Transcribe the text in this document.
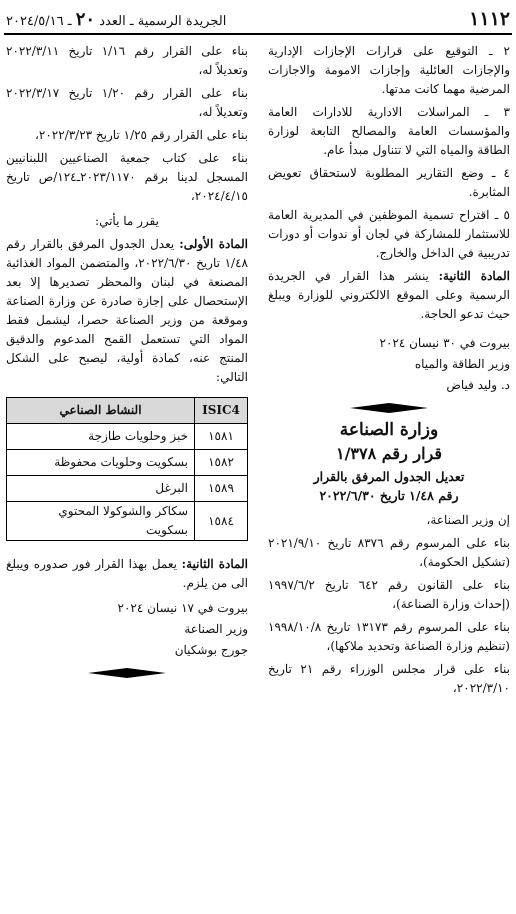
١١١٢
الجريدة الرسمية ـ العدد ٢٠ ـ ٢٠٢٤/٥/١٦

٢ ـ التوقيع على قرارات الإجازات الإدارية والإجازات العائلية وإجازات الامومة والاجازات المرضية مهما كانت مدتها.

٣ ـ المراسلات الادارية للادارات العامة والمؤسسات العامة والمصالح التابعة لوزارة الطاقة والمياه التي لا تتناول مبدأ عام.

٤ ـ وضع التقارير المطلوبة لاستحقاق تعويض المثابرة.

٥ ـ اقتراح تسمية الموظفين في المديرية العامة للاستثمار للمشاركة في لجان أو ندوات أو دورات تدريبية في الداخل والخارج.

المادة الثانية: ينشر هذا القرار في الجريدة الرسمية وعلى الموقع الالكتروني للوزارة ويبلغ حيث تدعو الحاجة.

بيروت في ٣٠ نيسان ٢٠٢٤

وزير الطاقة والمياه

د. وليد فياض

وزارة الصناعة
قرار رقم ١/٣٧٨
تعديل الجدول المرفق بالقرار
رقم ١/٤٨ تاريخ ٢٠٢٢/٦/٣٠

إن وزير الصناعة،

بناء على المرسوم رقم ٨٣٧٦ تاريخ ٢٠٢١/٩/١٠ (تشكيل الحكومة)،

بناء على القانون رقم ٦٤٢ تاريخ ١٩٩٧/٦/٢ (إحداث وزارة الصناعة)،

بناء على المرسوم رقم ١٣١٧٣ تاريخ ١٩٩٨/١٠/٨ (تنظيم وزارة الصناعة وتحديد ملاكها)،

بناء على قرار مجلس الوزراء رقم ٢١ تاريخ ٢٠٢٢/٣/١٠،

بناء على القرار رقم ١/١٦ تاريخ ٢٠٢٢/٣/١١ وتعديلاً له،

بناء على القرار رقم ١/٢٠ تاريخ ٢٠٢٢/٣/١٧ وتعديلاً له،

بناء على القرار رقم ١/٢٥ تاريخ ٢٠٢٢/٣/٢٣،

بناء على كتاب جمعية الصناعيين اللبنانيين المسجل لدينا برقم ٢٠٢٣/١١٧٠ـ١٢٤/ص تاريخ ٢٠٢٤/٤/١٥،

يقرر ما يأتي:

المادة الأولى: يعدل الجدول المرفق بالقرار رقم ١/٤٨ تاريخ ٢٠٢٢/٦/٣٠، والمتضمن المواد الغذائية المصنعة في لبنان والمحظر تصديرها إلا بعد الإستحصال على إجازة صادرة عن وزارة الصناعة وموقعة من وزير الصناعة حصرا، ليشمل فقط المواد التي تستعمل القمح المدعوم والدقيق المنتج عنه، كمادة أولية، ليصبح على الشكل التالي:

ISIC4	النشاط الصناعي
١٥٨١	خبز وحلويات طازجة
١٥٨٢	بسكويت وحلويات محفوظة
١٥٨٩	البرغل
١٥٨٤	سكاكر والشوكولا المحتوي بسكويت

المادة الثانية: يعمل بهذا القرار فور صدوره ويبلغ الى من يلزم.

بيروت في ١٧ نيسان ٢٠٢٤

وزير الصناعة

جورج بوشكيان
